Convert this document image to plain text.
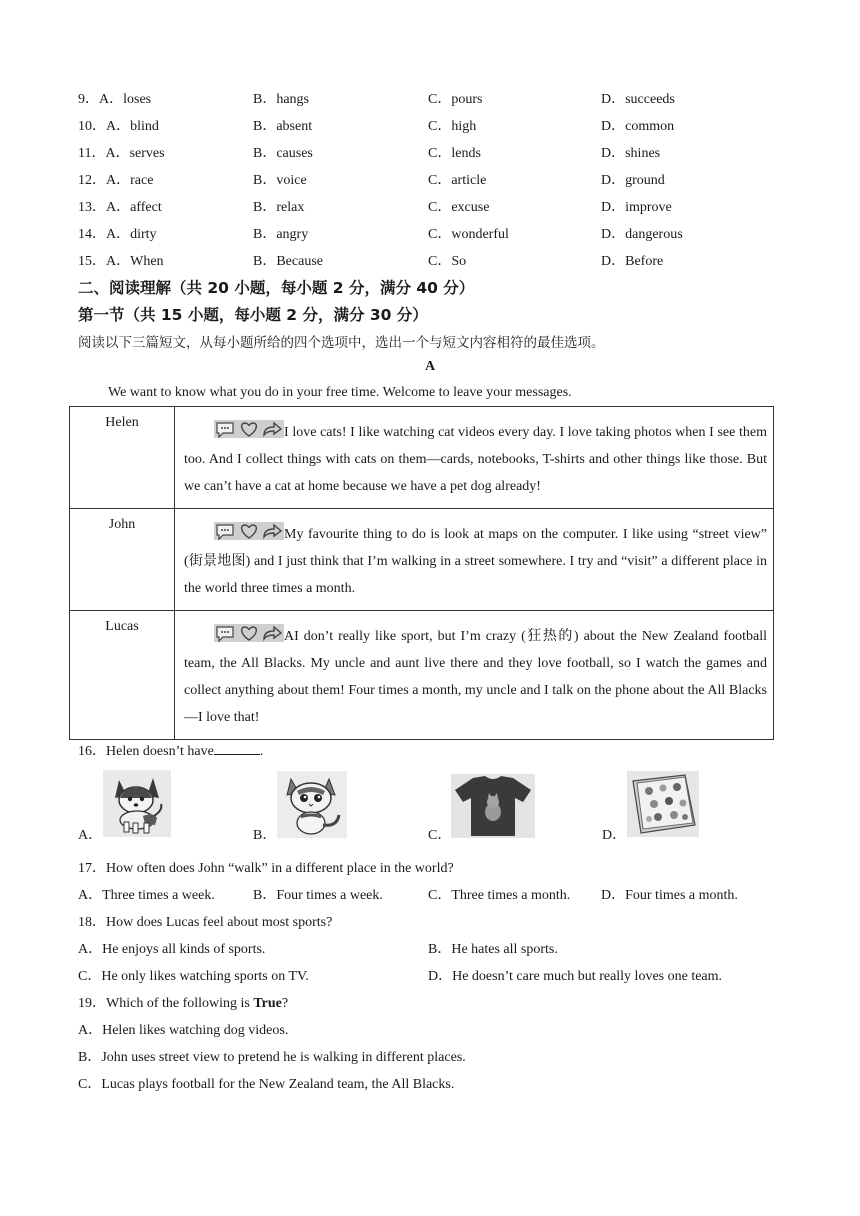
9．A．loses	B．hangs	C．pours	D．succeeds
10．A．blind	B．absent	C．high	D．common
11．A．serves	B．causes	C．lends	D．shines
12．A．race	B．voice	C．article	D．ground
13．A．affect	B．relax	C．excuse	D．improve
14．A．dirty	B．angry	C．wonderful	D．dangerous
15．A．When	B．Because	C．So	D．Before
二、阅读理解（共 20 小题，每小题 2 分，满分 40 分）
第一节（共 15 小题，每小题 2 分，满分 30 分）
阅读以下三篇短文，从每小题所给的四个选项中，选出一个与短文内容相符的最佳选项。
A
We want to know what you do in your free time. Welcome to leave your messages.
Helen	I love cats! I like watching cat videos every day. I love taking photos when I see them too. And I collect things with cats on them—cards, notebooks, T-shirts and other things like those. But we can’t have a cat at home because we have a pet dog already!
John	My favourite thing to do is look at maps on the computer. I like using “street view” (街景地图) and I just think that I’m walking in a street somewhere. I try and “visit” a different place in the world three times a month.
Lucas	AI don’t really like sport, but I’m crazy (狂热的) about the New Zealand football team, the All Blacks. My uncle and aunt live there and they love football, so I watch the games and collect anything about them! Four times a month, my uncle and I talk on the phone about the All Blacks—I love that!
16．Helen doesn’t have	.
A．	B．	C．	D．
17．How often does John “walk” in a different place in the world?
A．Three times a week.	B．Four times a week.	C．Three times a month. D．Four times a month.
18．How does Lucas feel about most sports?
A．He enjoys all kinds of sports.	B．He hates all sports.
C．He only likes watching sports on TV.	D．He doesn’t care much but really loves one team.
19．Which of the following is True?
A．Helen likes watching dog videos.
B．John uses street view to pretend he is walking in different places.
C．Lucas plays football for the New Zealand team, the All Blacks.
